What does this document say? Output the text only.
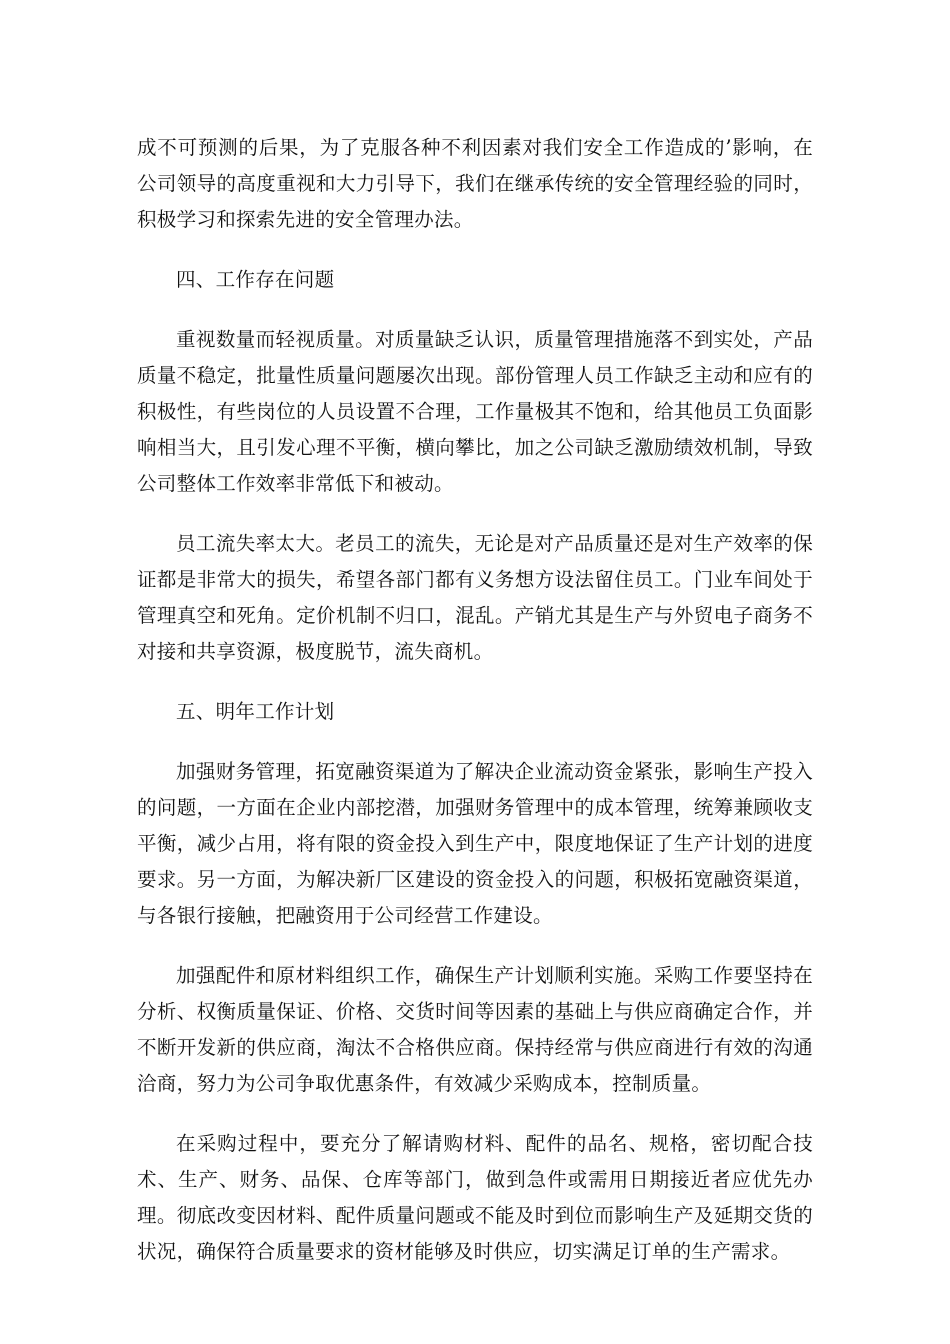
成不可预测的后果，为了克服各种不利因素对我们安全工作造成的’影响，在公司领导的高度重视和大力引导下，我们在继承传统的安全管理经验的同时，积极学习和探索先进的安全管理办法。

四、工作存在问题

重视数量而轻视质量。对质量缺乏认识，质量管理措施落不到实处，产品质量不稳定，批量性质量问题屡次出现。部份管理人员工作缺乏主动和应有的积极性，有些岗位的人员设置不合理，工作量极其不饱和，给其他员工负面影响相当大，且引发心理不平衡，横向攀比，加之公司缺乏激励绩效机制，导致公司整体工作效率非常低下和被动。

员工流失率太大。老员工的流失，无论是对产品质量还是对生产效率的保证都是非常大的损失，希望各部门都有义务想方设法留住员工。门业车间处于管理真空和死角。定价机制不归口，混乱。产销尤其是生产与外贸电子商务不对接和共享资源，极度脱节，流失商机。

五、明年工作计划

加强财务管理，拓宽融资渠道为了解决企业流动资金紧张，影响生产投入的问题，一方面在企业内部挖潜，加强财务管理中的成本管理，统筹兼顾收支平衡，减少占用，将有限的资金投入到生产中，限度地保证了生产计划的进度要求。另一方面，为解决新厂区建设的资金投入的问题，积极拓宽融资渠道，与各银行接触，把融资用于公司经营工作建设。

加强配件和原材料组织工作，确保生产计划顺利实施。采购工作要坚持在分析、权衡质量保证、价格、交货时间等因素的基础上与供应商确定合作，并不断开发新的供应商，淘汰不合格供应商。保持经常与供应商进行有效的沟通洽商，努力为公司争取优惠条件，有效减少采购成本，控制质量。

在采购过程中，要充分了解请购材料、配件的品名、规格，密切配合技术、生产、财务、品保、仓库等部门，做到急件或需用日期接近者应优先办理。彻底改变因材料、配件质量问题或不能及时到位而影响生产及延期交货的状况，确保符合质量要求的资材能够及时供应，切实满足订单的生产需求。
